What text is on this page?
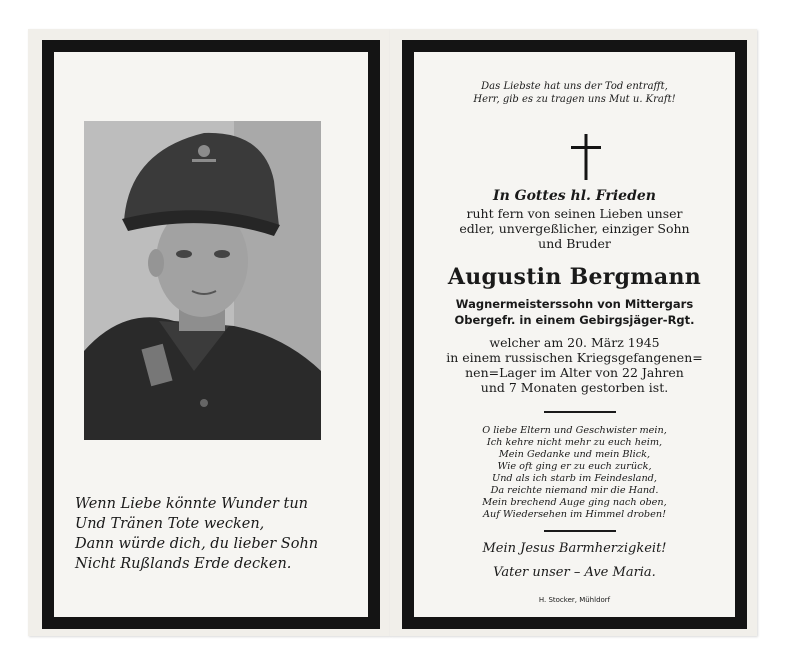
Wenn Liebe könnte Wunder tun
Und Tränen Tote wecken,
Dann würde dich, du lieber Sohn
Nicht Rußlands Erde decken.
Das Liebste hat uns der Tod entrafft,
Herr, gib es zu tragen uns Mut u. Kraft!
In Gottes hl. Frieden
ruht fern von seinen Lieben unser
edler, unvergeßlicher, einziger Sohn
und Bruder
Augustin Bergmann
Wagnermeisterssohn von Mittergars
Obergefr. in einem Gebirgsjäger-Rgt.
welcher am 20. März 1945
in einem russischen Kriegsgefangenen=
nen=Lager im Alter von 22 Jahren
und 7 Monaten gestorben ist.
O liebe Eltern und Geschwister mein,
Ich kehre nicht mehr zu euch heim,
Mein Gedanke und mein Blick,
Wie oft ging er zu euch zurück,
Und als ich starb im Feindesland,
Da reichte niemand mir die Hand.
Mein brechend Auge ging nach oben,
Auf Wiedersehen im Himmel droben!
Mein Jesus Barmherzigkeit!
Vater unser – Ave Maria.
H. Stocker, Mühldorf
